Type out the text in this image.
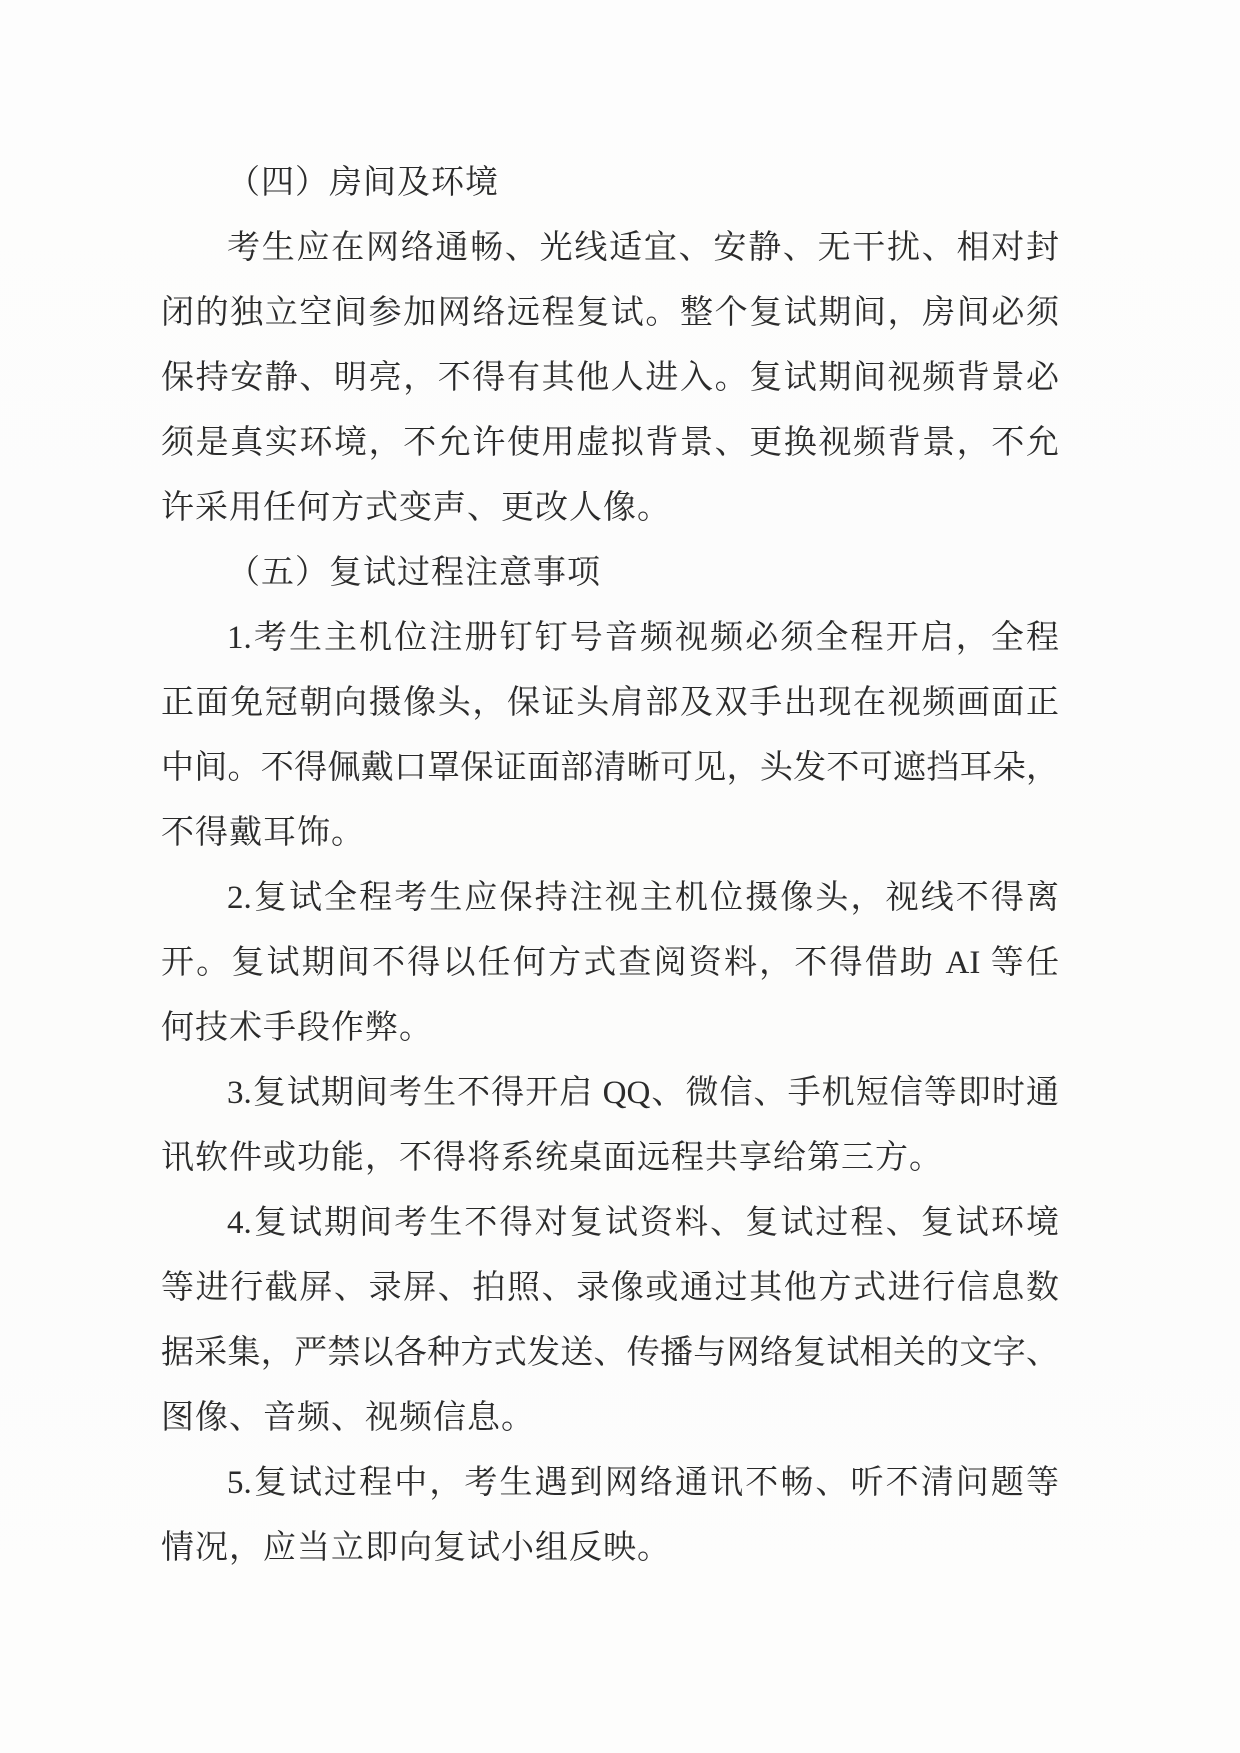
（四）房间及环境
考生应在网络通畅、光线适宜、安静、无干扰、相对封
闭的独立空间参加网络远程复试。整个复试期间，房间必须
保持安静、明亮，不得有其他人进入。复试期间视频背景必
须是真实环境，不允许使用虚拟背景、更换视频背景，不允
许采用任何方式变声、更改人像。
（五）复试过程注意事项
1.考生主机位注册钉钉号音频视频必须全程开启，全程
正面免冠朝向摄像头，保证头肩部及双手出现在视频画面正
中间。不得佩戴口罩保证面部清晰可见，头发不可遮挡耳朵，
不得戴耳饰。
2.复试全程考生应保持注视主机位摄像头，视线不得离
开。复试期间不得以任何方式查阅资料，不得借助 AI 等任
何技术手段作弊。
3.复试期间考生不得开启 QQ、微信、手机短信等即时通
讯软件或功能，不得将系统桌面远程共享给第三方。
4.复试期间考生不得对复试资料、复试过程、复试环境
等进行截屏、录屏、拍照、录像或通过其他方式进行信息数
据采集，严禁以各种方式发送、传播与网络复试相关的文字、
图像、音频、视频信息。
5.复试过程中，考生遇到网络通讯不畅、听不清问题等
情况，应当立即向复试小组反映。
